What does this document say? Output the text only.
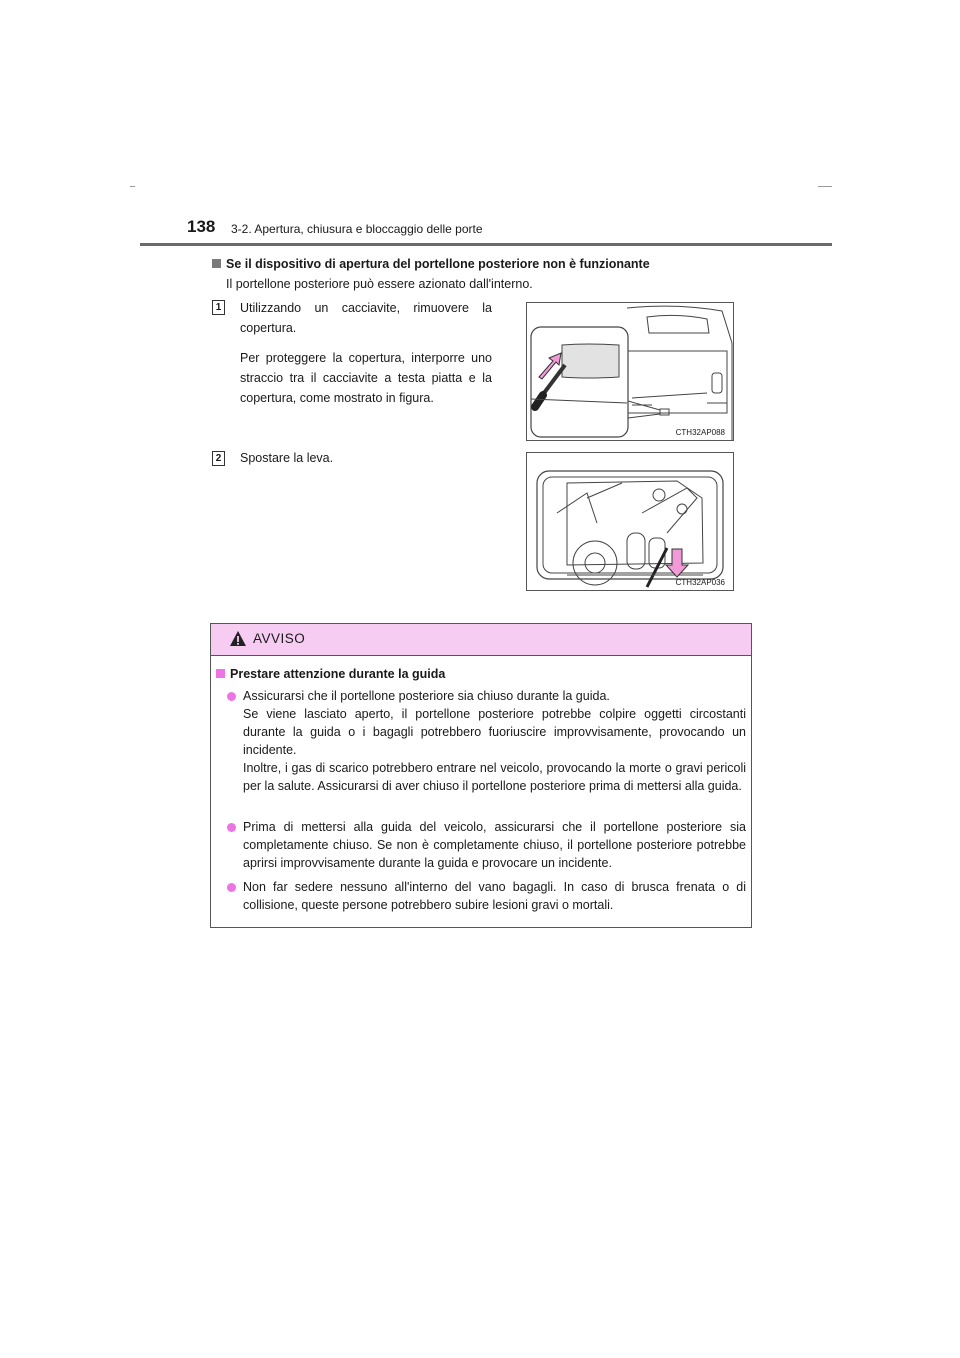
138 3-2. Apertura, chiusura e bloccaggio delle porte
Se il dispositivo di apertura del portellone posteriore non è funzionante
Il portellone posteriore può essere azionato dall'interno.
1 Utilizzando un cacciavite, rimuovere la copertura.

Per proteggere la copertura, interporre uno straccio tra il cacciavite a testa piatta e la copertura, come mostrato in figura.

CTH32AP088
2 Spostare la leva.

CTH32AP036
AVVISO
Prestare attenzione durante la guida
Assicurarsi che il portellone posteriore sia chiuso durante la guida.
Se viene lasciato aperto, il portellone posteriore potrebbe colpire oggetti circostanti durante la guida o i bagagli potrebbero fuoriuscire improvvisamente, provocando un incidente.
Inoltre, i gas di scarico potrebbero entrare nel veicolo, provocando la morte o gravi pericoli per la salute. Assicurarsi di aver chiuso il portellone posteriore prima di mettersi alla guida.
Prima di mettersi alla guida del veicolo, assicurarsi che il portellone posteriore sia completamente chiuso. Se non è completamente chiuso, il portellone posteriore potrebbe aprirsi improvvisamente durante la guida e provocare un incidente.
Non far sedere nessuno all'interno del vano bagagli. In caso di brusca frenata o di collisione, queste persone potrebbero subire lesioni gravi o mortali.
